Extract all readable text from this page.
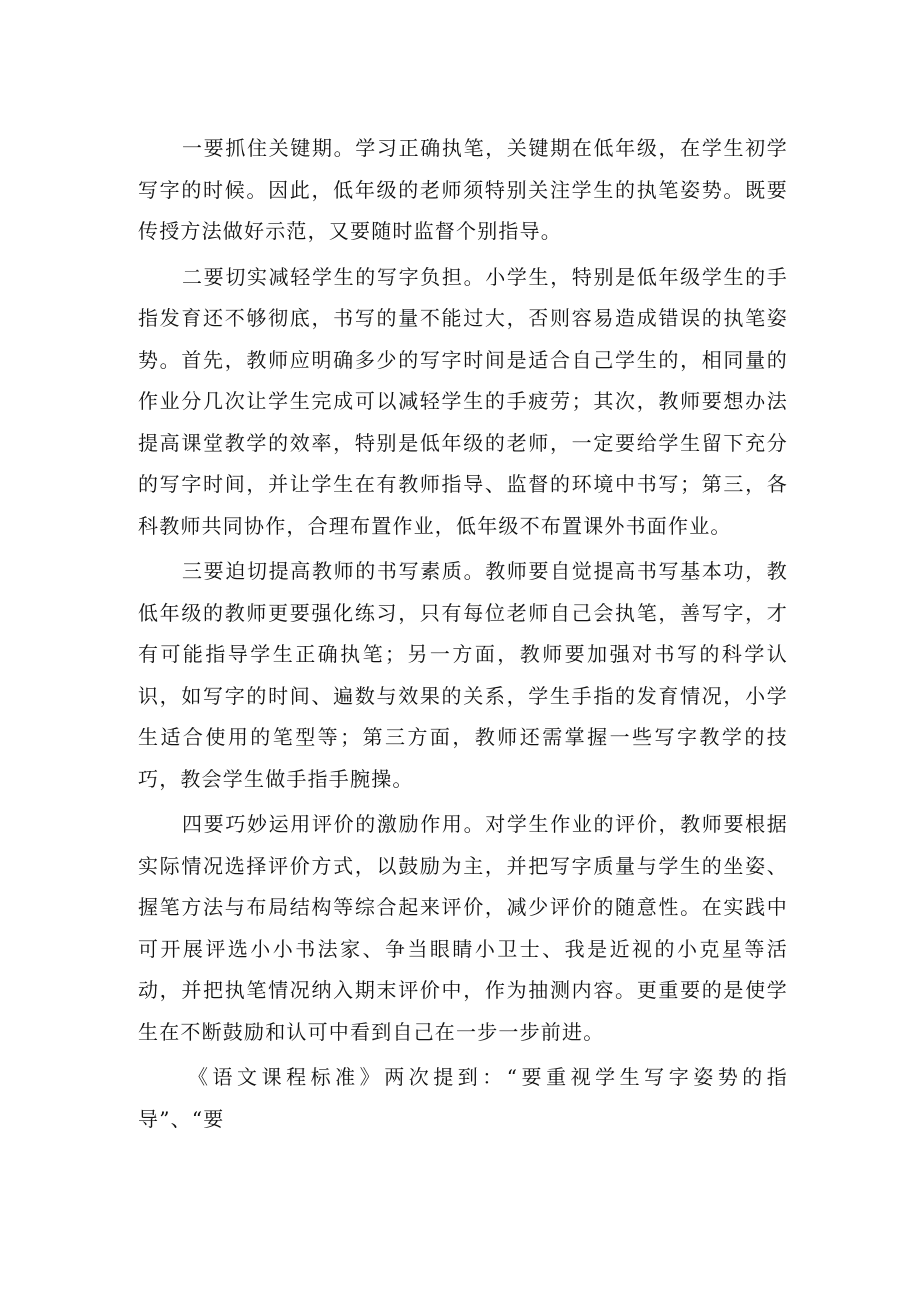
一要抓住关键期。学习正确执笔，关键期在低年级，在学生初学写字的时候。因此，低年级的老师须特别关注学生的执笔姿势。既要传授方法做好示范，又要随时监督个别指导。

二要切实减轻学生的写字负担。小学生，特别是低年级学生的手指发育还不够彻底，书写的量不能过大，否则容易造成错误的执笔姿势。首先，教师应明确多少的写字时间是适合自己学生的，相同量的作业分几次让学生完成可以减轻学生的手疲劳；其次，教师要想办法提高课堂教学的效率，特别是低年级的老师，一定要给学生留下充分的写字时间，并让学生在有教师指导、监督的环境中书写；第三，各科教师共同协作，合理布置作业，低年级不布置课外书面作业。

三要迫切提高教师的书写素质。教师要自觉提高书写基本功，教低年级的教师更要强化练习，只有每位老师自己会执笔，善写字，才有可能指导学生正确执笔；另一方面，教师要加强对书写的科学认识，如写字的时间、遍数与效果的关系，学生手指的发育情况，小学生适合使用的笔型等；第三方面，教师还需掌握一些写字教学的技巧，教会学生做手指手腕操。

四要巧妙运用评价的激励作用。对学生作业的评价，教师要根据实际情况选择评价方式，以鼓励为主，并把写字质量与学生的坐姿、握笔方法与布局结构等综合起来评价，减少评价的随意性。在实践中可开展评选小小书法家、争当眼睛小卫士、我是近视的小克星等活动，并把执笔情况纳入期末评价中，作为抽测内容。更重要的是使学生在不断鼓励和认可中看到自己在一步一步前进。

《语文课程标准》两次提到：“要重视学生写字姿势的指导”、“要
